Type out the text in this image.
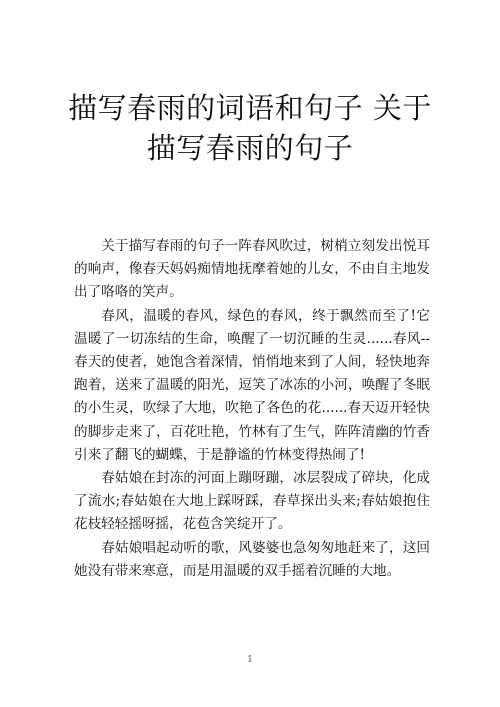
描写春雨的词语和句子 关于描写春雨的句子

关于描写春雨的句子一阵春风吹过，树梢立刻发出悦耳的响声，像春天妈妈痴情地抚摩着她的儿女，不由自主地发出了咯咯的笑声。

春风，温暖的春风，绿色的春风，终于飘然而至了!它温暖了一切冻结的生命，唤醒了一切沉睡的生灵......春风--春天的使者，她饱含着深情，悄悄地来到了人间，轻快地奔跑着，送来了温暖的阳光，逗笑了冰冻的小河，唤醒了冬眠的小生灵，吹绿了大地，吹艳了各色的花......春天迈开轻快的脚步走来了，百花吐艳，竹林有了生气，阵阵清幽的竹香引来了翻飞的蝴蝶，于是静谧的竹林变得热闹了!

春姑娘在封冻的河面上蹦呀蹦，冰层裂成了碎块，化成了流水;春姑娘在大地上踩呀踩，春草探出头来;春姑娘抱住花枝轻轻摇呀摇，花苞含笑绽开了。

春姑娘唱起动听的歌，风婆婆也急匆匆地赶来了，这回她没有带来寒意，而是用温暖的双手摇着沉睡的大地。

1
